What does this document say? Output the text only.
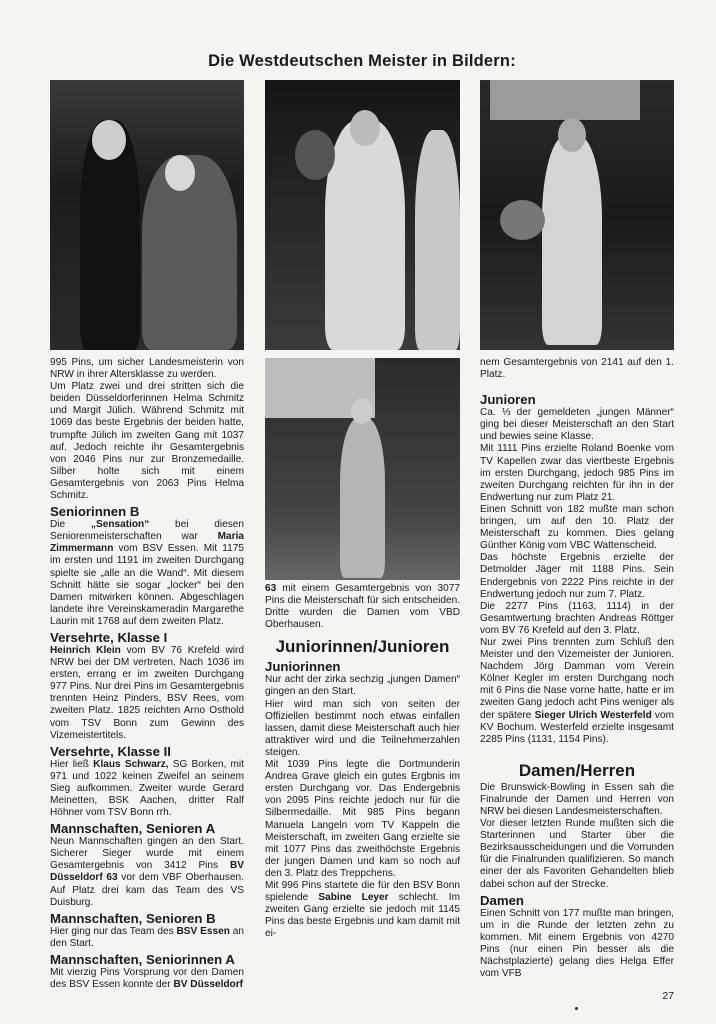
Die Westdeutschen Meister in Bildern:

995 Pins, um sicher Landesmeisterin von NRW in ihrer Altersklasse zu werden.

Um Platz zwei und drei stritten sich die beiden Düsseldorferinnen Helma Schmitz und Margit Jülich. Während Schmitz mit 1069 das beste Ergebnis der beiden hatte, trumpfte Jülich im zweiten Gang mit 1037 auf. Jedoch reichte ihr Gesamtergebnis von 2046 Pins nur zur Bronzemedaille. Silber holte sich mit einem Gesamtergebnis von 2063 Pins Helma Schmitz.

Seniorinnen B

Die „Sensation“ bei diesen Seniorenmeisterschaften war Maria Zimmermann vom BSV Essen. Mit 1175 im ersten und 1191 im zweiten Durchgang spielte sie „alle an die Wand“. Mit diesem Schnitt hätte sie sogar „locker“ bei den Damen mitwirken können. Abgeschlagen landete ihre Vereinskameradin Margarethe Laurin mit 1768 auf dem zweiten Platz.

Versehrte, Klasse I

Heinrich Klein vom BV 76 Krefeld wird NRW bei der DM vertreten. Nach 1036 im ersten, errang er im zweiten Durchgang 977 Pins. Nur drei Pins im Gesamtergebnis trennten Heinz Pinders, BSV Rees, vom zweiten Platz. 1825 reichten Arno Osthold vom TSV Bonn zum Gewinn des Vizemeistertitels.

Versehrte, Klasse II

Hier ließ Klaus Schwarz, SG Borken, mit 971 und 1022 keinen Zweifel an seinem Sieg aufkommen. Zweiter wurde Gerard Meinetten, BSK Aachen, dritter Ralf Höhner vom TSV Bonn rrh.

Mannschaften, Senioren A

Neun Mannschaften gingen an den Start. Sicherer Sieger wurde mit einem Gesamtergebnis von 3412 Pins BV Düsseldorf 63 vor dem VBF Oberhausen. Auf Platz drei kam das Team des VS Duisburg.

Mannschaften, Senioren B

Hier ging nur das Team des BSV Essen an den Start.

Mannschaften, Seniorinnen A

Mit vierzig Pins Vorsprung vor den Damen des BSV Essen konnte der BV Düsseldorf

63 mit einem Gesamtergebnis von 3077 Pins die Meisterschaft für sich entscheiden. Dritte wurden die Damen vom VBD Oberhausen.

Juniorinnen/Junioren
Juniorinnen

Nur acht der zirka sechzig „jungen Damen“ gingen an den Start.

Hier wird man sich von seiten der Offiziellen bestimmt noch etwas einfallen lassen, damit diese Meisterschaft auch hier attraktiver wird und die Teilnehmerzahlen steigen.

Mit 1039 Pins legte die Dortmunderin Andrea Grave gleich ein gutes Ergbnis im ersten Durchgang vor. Das Endergebnis von 2095 Pins reichte jedoch nur für die Silbermedaille. Mit 985 Pins begann Manuela Langeln vom TV Kappeln die Meisterschaft, im zweiten Gang erzielte sie mit 1077 Pins das zweithöchste Ergebnis der jungen Damen und kam so noch auf den 3. Platz des Treppchens.

Mit 996 Pins startete die für den BSV Bonn spielende Sabine Leyer schlecht. Im zweiten Gang erzielte sie jedoch mit 1145 Pins das beste Ergebnis und kam damit mit ei-

nem Gesamtergebnis von 2141 auf den 1. Platz.

Junioren

Ca. ⅓ der gemeldeten „jungen Männer“ ging bei dieser Meisterschaft an den Start und bewies seine Klasse.

Mit 1111 Pins erzielte Roland Boenke vom TV Kapellen zwar das viertbeste Ergebnis im ersten Durchgang, jedoch 985 Pins im zweiten Durchgang reichten für ihn in der Endwertung nur zum Platz 21.

Einen Schnitt von 182 mußte man schon bringen, um auf den 10. Platz der Meisterschaft zu kommen. Dies gelang Günther König vom VBC Wattenscheid.

Das höchste Ergebnis erzielte der Detmolder Jäger mit 1188 Pins. Sein Endergebnis von 2222 Pins reichte in der Endwertung jedoch nur zum 7. Platz.

Die 2277 Pins (1163, 1114) in der Gesamtwertung brachten Andreas Röttger vom BV 76 Krefeld auf den 3. Platz.

Nur zwei Pins trennten zum Schluß den Meister und den Vizemeister der Junioren. Nachdem Jörg Damman vom Verein Kölner Kegler im ersten Durchgang noch mit 6 Pins die Nase vorne hatte, hatte er im zweiten Gang jedoch acht Pins weniger als der spätere Sieger Ulrich Westerfeld vom KV Bochum. Westerfeld erzielte insgesamt 2285 Pins (1131, 1154 Pins).

Damen/Herren

Die Brunswick-Bowling in Essen sah die Finalrunde der Damen und Herren von NRW bei diesen Landesmeisterschaften.

Vor dieser letzten Runde mußten sich die Starterinnen und Starter über die Bezirksausscheidungen und die Vorrunden für die Finalrunden qualifizieren. So manch einer der als Favoriten Gehandelten blieb dabei schon auf der Strecke.

Damen

Einen Schnitt von 177 mußte man bringen, um in die Runde der letzten zehn zu kommen. Mit einem Ergebnis von 4270 Pins (nur einen Pin besser als die Nächstplazierte) gelang dies Helga Effer vom VFB

27
